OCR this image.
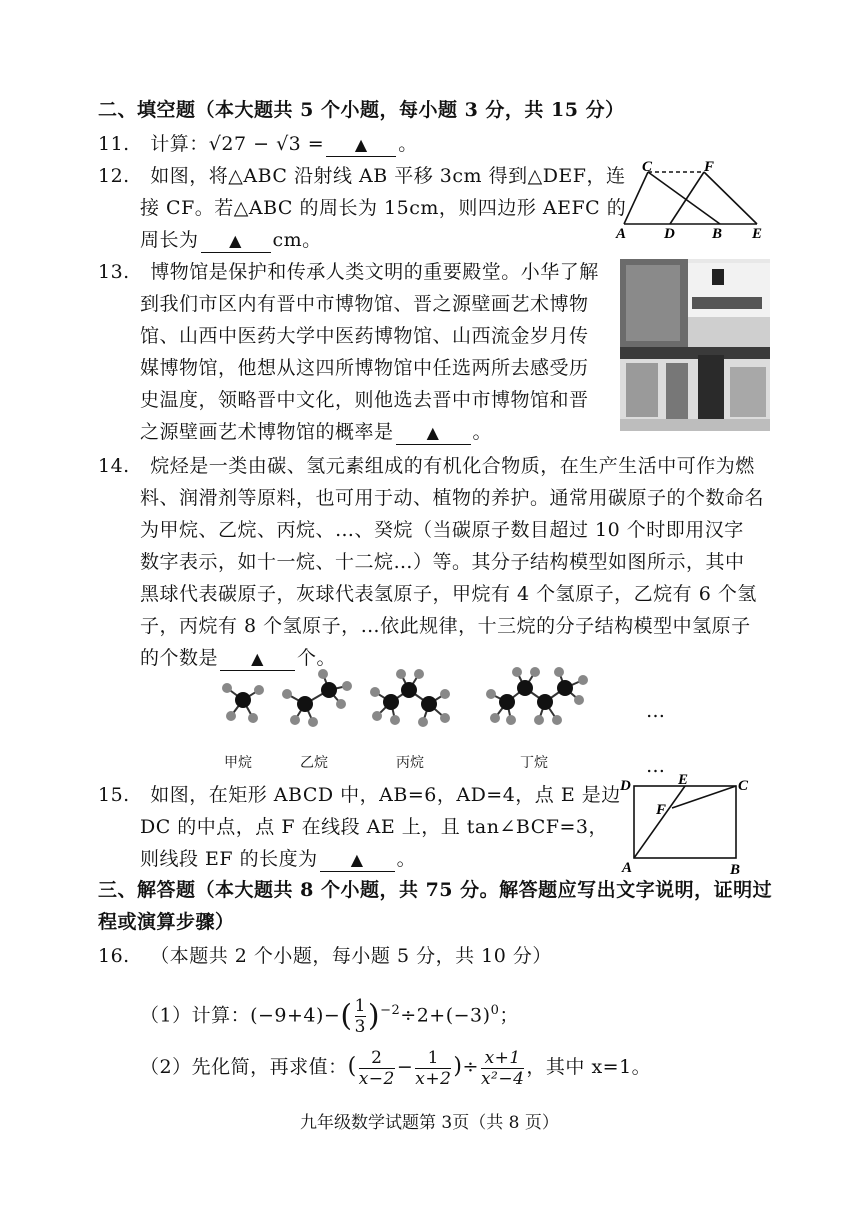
二、填空题（本大题共 5 个小题，每小题 3 分，共 15 分）
11. 计算：√27 − √3 = ▲ 。
12. 如图，将△ABC 沿射线 AB 平移 3cm 得到△DEF，连
接 CF。若△ABC 的周长为 15cm，则四边形 AEFC 的
周长为 ▲ cm。
C	F
A	D B E
13. 博物馆是保护和传承人类文明的重要殿堂。小华了解
到我们市区内有晋中市博物馆、晋之源壁画艺术博物
馆、山西中医药大学中医药博物馆、山西流金岁月传
媒博物馆，他想从这四所博物馆中任选两所去感受历
史温度，领略晋中文化，则他选去晋中市博物馆和晋
之源壁画艺术博物馆的概率是 ▲ 。
14. 烷烃是一类由碳、氢元素组成的有机化合物质，在生产生活中可作为燃
料、润滑剂等原料，也可用于动、植物的养护。通常用碳原子的个数命名
为甲烷、乙烷、丙烷、…、癸烷（当碳原子数目超过 10 个时即用汉字
数字表示，如十一烷、十二烷…）等。其分子结构模型如图所示，其中
黑球代表碳原子，灰球代表氢原子，甲烷有 4 个氢原子，乙烷有 6 个氢
子，丙烷有 8 个氢原子，…依此规律，十三烷的分子结构模型中氢原子
的个数是 ▲ 个。
…
甲烷	乙烷	丙烷	丁烷	…
15. 如图，在矩形 ABCD 中，AB=6，AD=4，点 E 是边
DC 的中点，点 F 在线段 AE 上，且 tan∠BCF=3，
则线段 EF 的长度为 ▲ 。
D	E	C
F
A	B
三、解答题（本大题共 8 个小题，共 75 分。解答题应写出文字说明，证明过
程或演算步骤）
16. （本题共 2 个小题，每小题 5 分，共 10 分）
（1）计算：$(-9+4)-( \frac{1}{3} )^{-2}\div 2+(-3)^0$；
（2）先化简，再求值：( $\frac{2}{x-2} - \frac{1}{x+2}$ )÷ $\frac{x+1}{\text{x²−4}}$ ，其中 x=1。
九年级数学试题第 3页（共 8 页）
